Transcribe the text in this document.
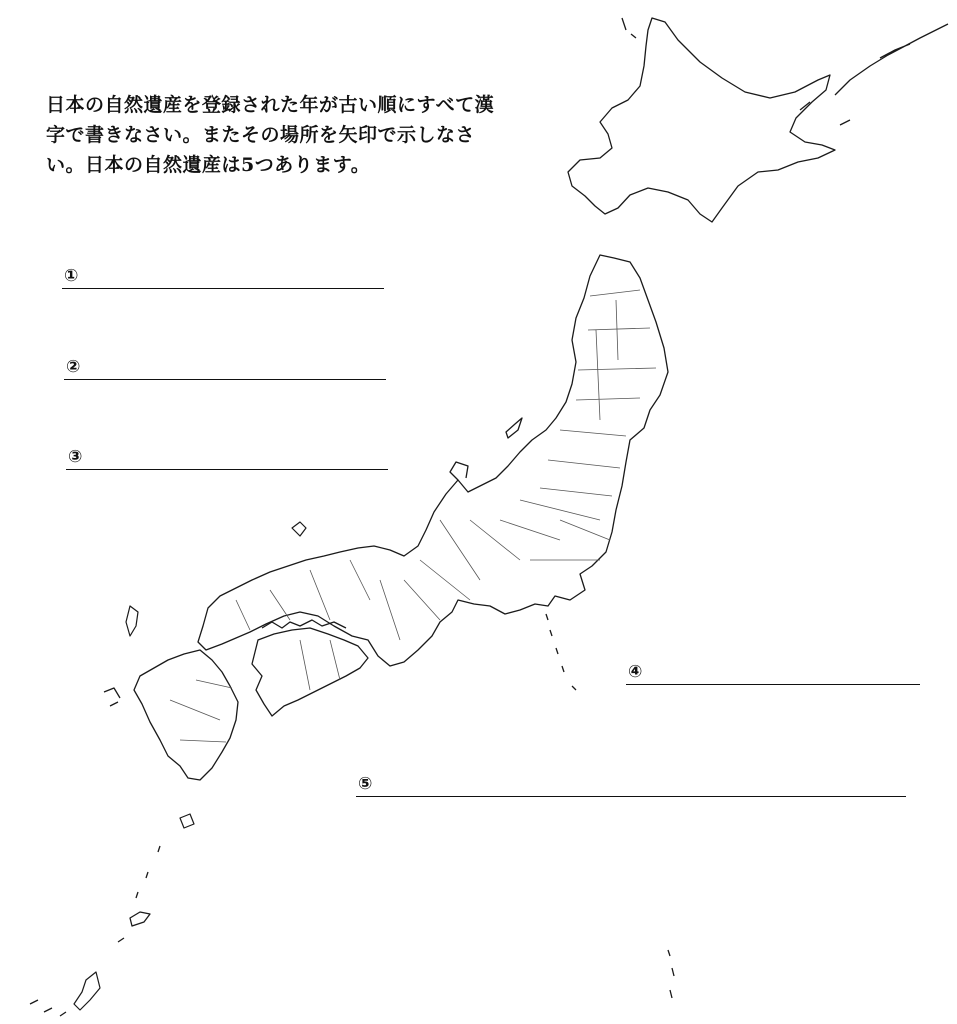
日本の自然遺産を登録された年が古い順にすべて漢
字で書きなさい。またその場所を矢印で示しなさ
い。日本の自然遺産は5つあります。
①
②
③
④
⑤
